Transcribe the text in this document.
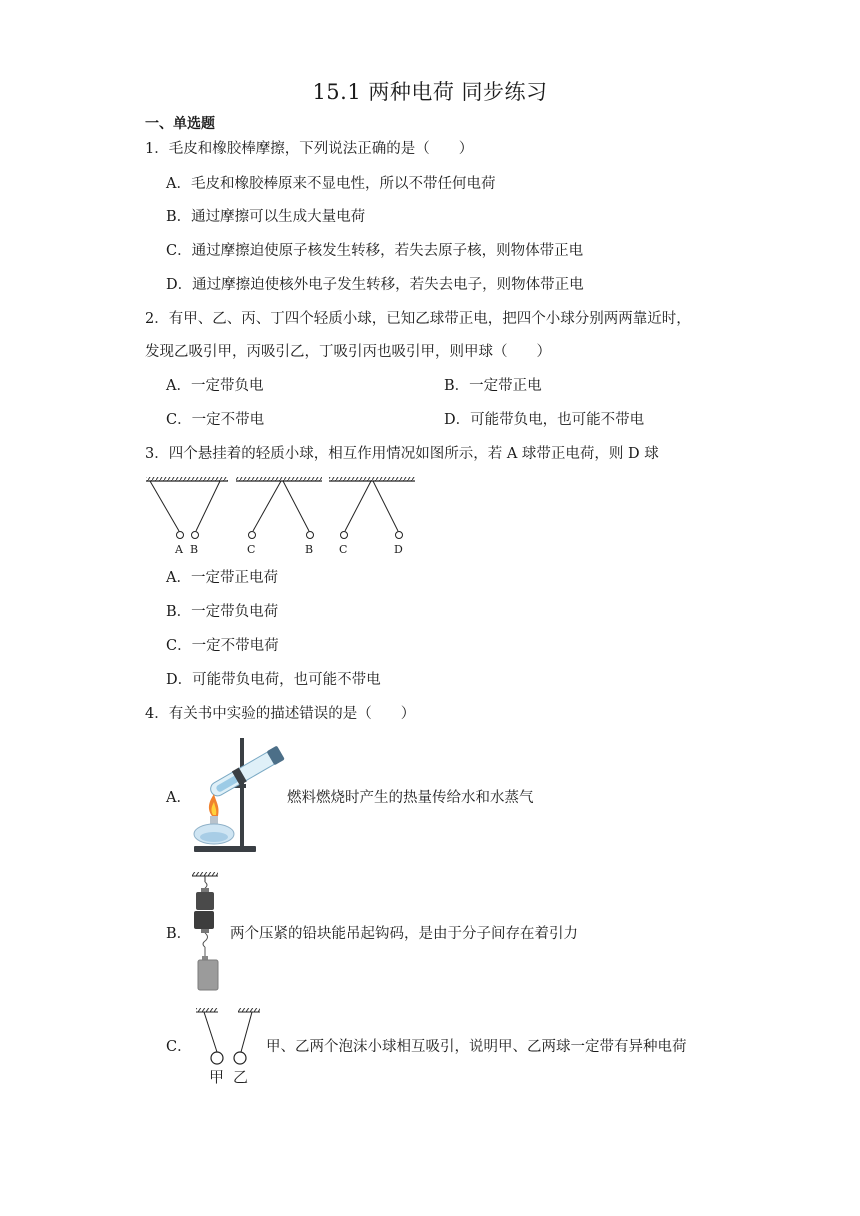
15.1 两种电荷 同步练习
一、单选题
1．毛皮和橡胶棒摩擦，下列说法正确的是（　　）
A．毛皮和橡胶棒原来不显电性，所以不带任何电荷
B．通过摩擦可以生成大量电荷
C．通过摩擦迫使原子核发生转移，若失去原子核，则物体带正电
D．通过摩擦迫使核外电子发生转移，若失去电子，则物体带正电
2．有甲、乙、丙、丁四个轻质小球，已知乙球带正电，把四个小球分别两两靠近时，
发现乙吸引甲，丙吸引乙，丁吸引丙也吸引甲，则甲球（　　）
A．一定带负电	B．一定带正电
C．一定不带电	D．可能带负电，也可能不带电
3．四个悬挂着的轻质小球，相互作用情况如图所示，若 A 球带正电荷，则 D 球
A B	C	B C	D
A．一定带正电荷
B．一定带负电荷
C．一定不带电荷
D．可能带负电荷，也可能不带电
4．有关书中实验的描述错误的是（　　）
A．	燃料燃烧时产生的热量传给水和水蒸气
B．	两个压紧的铅块能吊起钩码，是由于分子间存在着引力
C．
甲 乙
甲、乙两个泡沫小球相互吸引，说明甲、乙两球一定带有异种电荷
